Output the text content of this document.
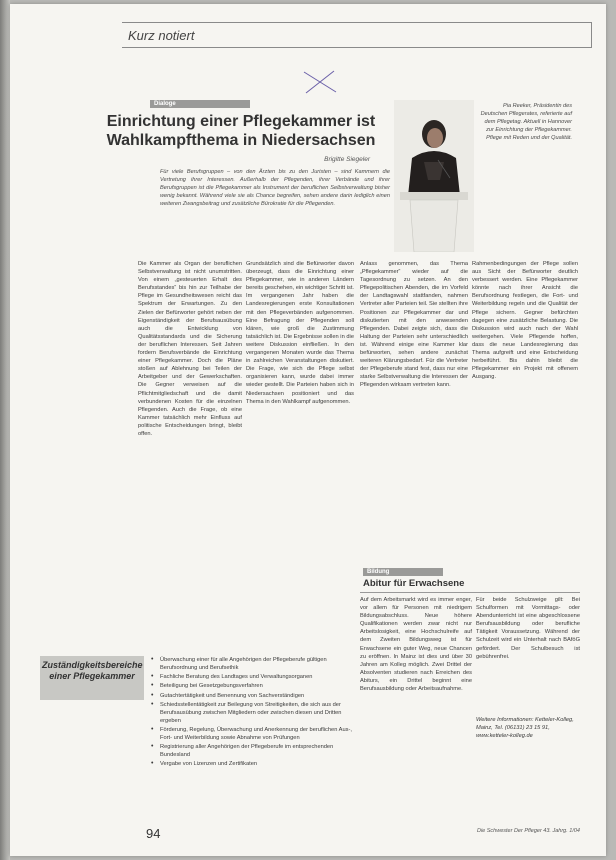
Kurz notiert
Dialoge
Einrichtung einer Pflegekammer ist Wahlkampfthema in Niedersachsen
Brigitte Siegeler

Für viele Berufsgruppen – von den Ärzten bis zu den Juristen – sind Kammern die Vertretung ihrer Interessen. Außerhalb der Pflegenden, ihrer Verbände und ihrer Berufsgruppen ist die Pflegekammer als Instrument der beruflichen Selbstverwaltung bisher wenig bekannt. Während viele sie als Chance begreifen, sehen andere darin lediglich einen weiteren Zwangsbeitrag und zusätzliche Bürokratie für die Pflegenden.

Pia Reeker, Präsidentin des Deutschen Pflegerates, referierte auf dem Pflegetag. Aktuell in Hannover zur Einrichtung der Pflegekammer. Pflege mit Reden und der Qualität.

Die Kammer als Organ der beruflichen Selbstverwaltung ist nicht unumstritten. Von einem „gesteuerten Erhalt des Berufsstandes“ bis hin zur Teilhabe der Pflege im Gesundheitswesen reicht das Spektrum der Erwartungen. Zu den Zielen der Befürworter gehört neben der Eigenständigkeit der Berufsausübung auch die Entwicklung von Qualitätsstandards und die Sicherung der beruflichen Interessen. Seit Jahren fordern Berufsverbände die Einrichtung einer Pflegekammer. Doch die Pläne stoßen auf Ablehnung bei Teilen der Arbeitgeber und der Gewerkschaften. Die Gegner verweisen auf die Pflichtmitgliedschaft und die damit verbundenen Kosten für die einzelnen Pflegenden. Auch die Frage, ob eine Kammer tatsächlich mehr Einfluss auf politische Entscheidungen bringt, bleibt offen.

Grundsätzlich sind die Befürworter davon überzeugt, dass die Einrichtung einer Pflegekammer, wie in anderen Ländern bereits geschehen, ein wichtiger Schritt ist. Im vergangenen Jahr haben die Landesregierungen erste Konsultationen mit den Pflegeverbänden aufgenommen. Eine Befragung der Pflegenden soll klären, wie groß die Zustimmung tatsächlich ist. Die Ergebnisse sollen in die weitere Diskussion einfließen. In den vergangenen Monaten wurde das Thema in zahlreichen Veranstaltungen diskutiert. Die Frage, wie sich die Pflege selbst organisieren kann, wurde dabei immer wieder gestellt. Die Parteien haben sich in Niedersachsen positioniert und das Thema in den Wahlkampf aufgenommen.

Anlass genommen, das Thema „Pflegekammer“ wieder auf die Tagesordnung zu setzen. An den Pflegepolitischen Abenden, die im Vorfeld der Landtagswahl stattfanden, nahmen Vertreter aller Parteien teil. Sie stellten ihre Positionen zur Pflegekammer dar und diskutierten mit den anwesenden Pflegenden. Dabei zeigte sich, dass die Haltung der Parteien sehr unterschiedlich ist. Während einige eine Kammer klar befürworten, sehen andere zunächst weiteren Klärungsbedarf. Für die Vertreter der Pflegeberufe stand fest, dass nur eine starke Selbstverwaltung die Interessen der Pflegenden wirksam vertreten kann.

Rahmenbedingungen der Pflege sollen aus Sicht der Befürworter deutlich verbessert werden. Eine Pflegekammer könnte nach ihrer Ansicht die Berufsordnung festlegen, die Fort- und Weiterbildung regeln und die Qualität der Pflege sichern. Gegner befürchten dagegen eine zusätzliche Belastung. Die Diskussion wird auch nach der Wahl weitergehen. Viele Pflegende hoffen, dass die neue Landesregierung das Thema aufgreift und eine Entscheidung herbeiführt. Bis dahin bleibt die Pflegekammer ein Projekt mit offenem Ausgang.

Zuständigkeitsbereiche einer Pflegekammer
• Überwachung einer für alle Angehörigen der Pflegeberufe gültigen Berufsordnung und Berufsethik
• Fachliche Beratung des Landtages und Verwaltungsorganen
• Beteiligung bei Gesetzgebungsverfahren
• Gutachtertätigkeit und Benennung von Sachverständigen
• Schiedsstellentätigkeit zur Beilegung von Streitigkeiten, die sich aus der Berufsausübung zwischen Mitgliedern oder zwischen diesen und Dritten ergeben
• Förderung, Regelung, Überwachung und Anerkennung der beruflichen Aus-, Fort- und Weiterbildung sowie Abnahme von Prüfungen
• Registrierung aller Angehörigen der Pflegeberufe im entsprechenden Bundesland
• Vergabe von Lizenzen und Zertifikaten
Bildung
Abitur für Erwachsene

Auf dem Arbeitsmarkt wird es immer enger, vor allem für Personen mit niedrigem Bildungsabschluss. Neue höhere Qualifikationen werden zwar nicht nur Arbeitslosigkeit, eine Hochschulreife auf dem Zweiten Bildungsweg ist für Erwachsene ein guter Weg, neue Chancen zu eröffnen. In Mainz ist dies und über 30 Jahren am Kolleg möglich. Zwei Drittel der Absolventen studieren nach Erreichen des Abiturs, ein Drittel beginnt eine Berufsausbildung oder Arbeitsaufnahme.

Für beide Schulzweige gilt: Bei Schulformen mit Vormittags- oder Abendunterricht ist eine abgeschlossene Berufsausbildung oder berufliche Tätigkeit Voraussetzung. Während der Schulzeit wird ein Unterhalt nach BAföG gefördert. Der Schulbesuch ist gebührenfrei.

Weitere Informationen: Ketteler-Kolleg, Mainz, Tel. (06131) 23 15 91, www.ketteler-kolleg.de

94	Die Schwester Der Pfleger 43. Jahrg. 1/04
